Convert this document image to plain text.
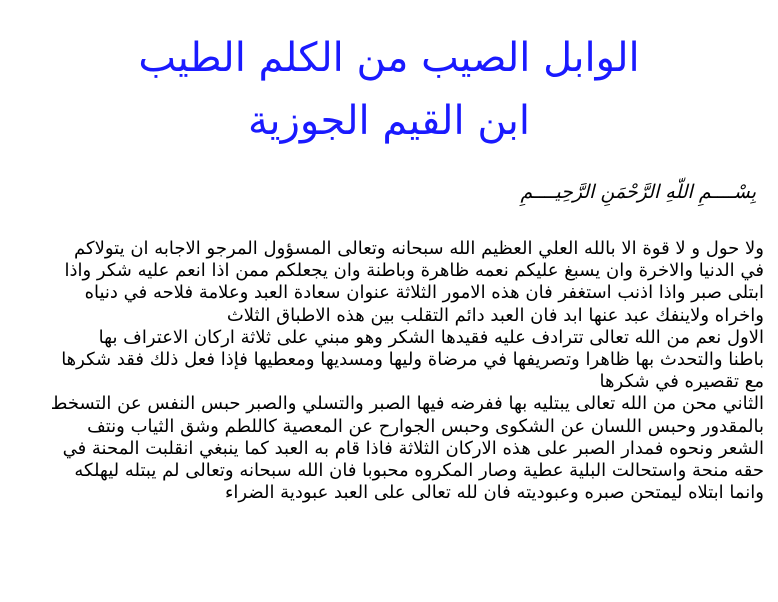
الوابل الصيب من الكلم الطيب
ابن القيم الجوزية
بِسْــــمِ اللّهِ الرَّحْمَنِ الرَّحِيــــمِ
ولا حول و لا قوة الا بالله العلي العظيم الله سبحانه وتعالى المسؤول المرجو الاجابه ان يتولاكم
في الدنيا والاخرة وان يسبغ عليكم نعمه ظاهرة وباطنة وان يجعلكم ممن اذا انعم عليه شكر واذا
ابتلى صبر واذا اذنب استغفر فان هذه الامور الثلاثة عنوان سعادة العبد وعلامة فلاحه في دنياه
واخراه ولاينفك عبد عنها ابد فان العبد دائم التقلب بين هذه الاطباق الثلاث
الاول نعم من الله تعالى تترادف عليه فقيدها الشكر وهو مبني على ثلاثة اركان الاعتراف بها
باطنا والتحدث بها ظاهرا وتصريفها في مرضاة وليها ومسديها ومعطيها فإذا فعل ذلك فقد شكرها
مع تقصيره في شكرها
الثاني محن من الله تعالى يبتليه بها ففرضه فيها الصبر والتسلي والصبر حبس النفس عن التسخط
بالمقدور وحبس اللسان عن الشكوى وحبس الجوارح عن المعصية كاللطم وشق الثياب ونتف
الشعر ونحوه فمدار الصبر على هذه الاركان الثلاثة فاذا قام به العبد كما ينبغي انقلبت المحنة في
حقه منحة واستحالت البلية عطية وصار المكروه محبوبا فان الله سبحانه وتعالى لم يبتله ليهلكه
وانما ابتلاه ليمتحن صبره وعبوديته فان لله تعالى على العبد عبودية الضراء
